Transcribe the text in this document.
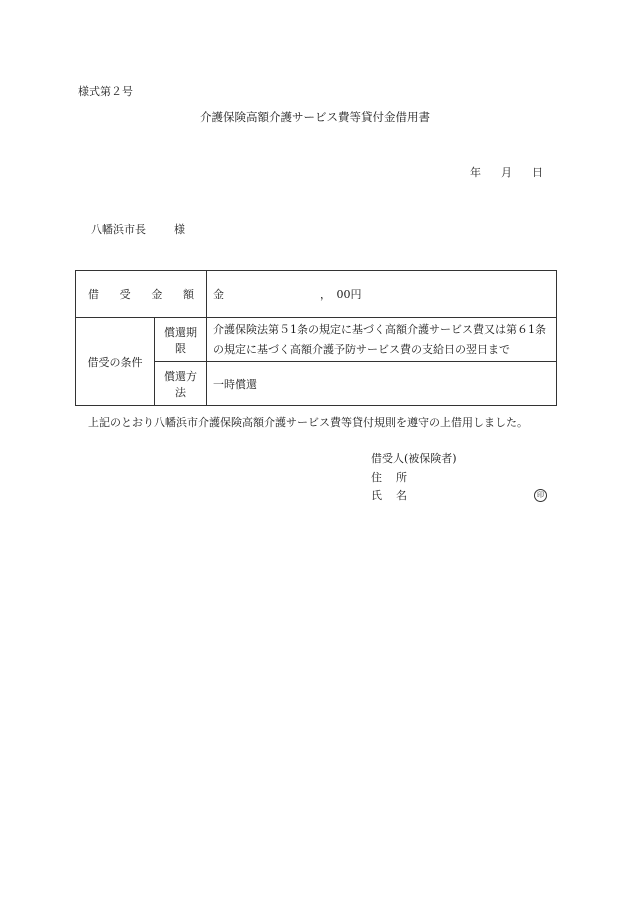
様式第２号
介護保険高額介護サービス費等貸付金借用書
年 月 日
八幡浜市長	様
借 受 金 額		金 ，　00円
借受の条件	償還期限	介護保険法第５1条の規定に基づく高額介護サービス費又は第６1条の規定に基づく高額介護予防サービス費の支給日の翌日まで
	償還方法	一時償還
上記のとおり八幡浜市介護保険高額介護サービス費等貸付規則を遵守の上借用しました。
借受人(被保険者)
住 所
氏 名	印
